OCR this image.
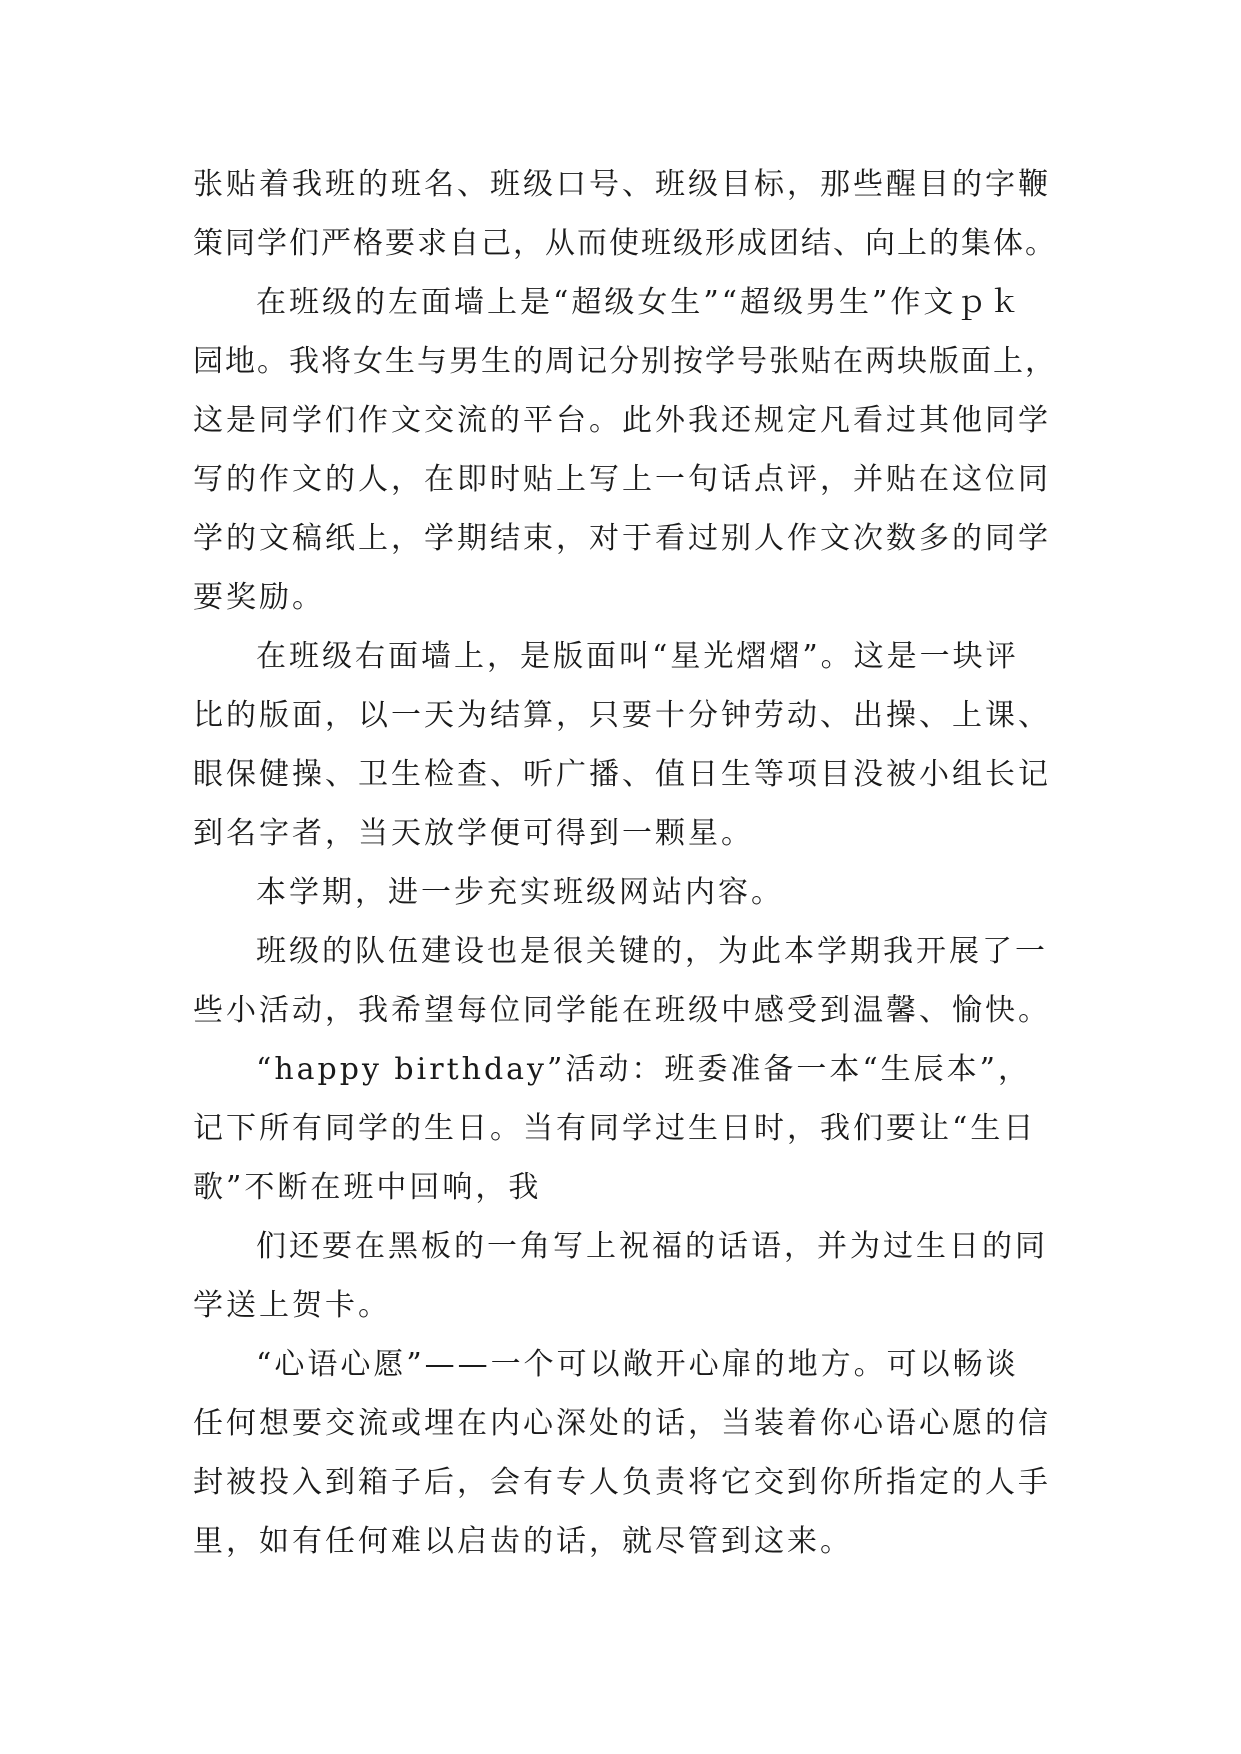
张贴着我班的班名、班级口号、班级目标，那些醒目的字鞭
策同学们严格要求自己，从而使班级形成团结、向上的集体。
在班级的左面墙上是“超级女生”“超级男生”作文ｐｋ
园地。我将女生与男生的周记分别按学号张贴在两块版面上，
这是同学们作文交流的平台。此外我还规定凡看过其他同学
写的作文的人，在即时贴上写上一句话点评，并贴在这位同
学的文稿纸上，学期结束，对于看过别人作文次数多的同学
要奖励。
在班级右面墙上，是版面叫“星光熠熠”。这是一块评
比的版面，以一天为结算，只要十分钟劳动、出操、上课、
眼保健操、卫生检查、听广播、值日生等项目没被小组长记
到名字者，当天放学便可得到一颗星。
本学期，进一步充实班级网站内容。
班级的队伍建设也是很关键的，为此本学期我开展了一
些小活动，我希望每位同学能在班级中感受到温馨、愉快。
“happy birthday”活动：班委准备一本“生辰本”，
记下所有同学的生日。当有同学过生日时，我们要让“生日
歌”不断在班中回响，我
们还要在黑板的一角写上祝福的话语，并为过生日的同
学送上贺卡。
“心语心愿”——一个可以敞开心扉的地方。可以畅谈
任何想要交流或埋在内心深处的话，当装着你心语心愿的信
封被投入到箱子后，会有专人负责将它交到你所指定的人手
里，如有任何难以启齿的话，就尽管到这来。
